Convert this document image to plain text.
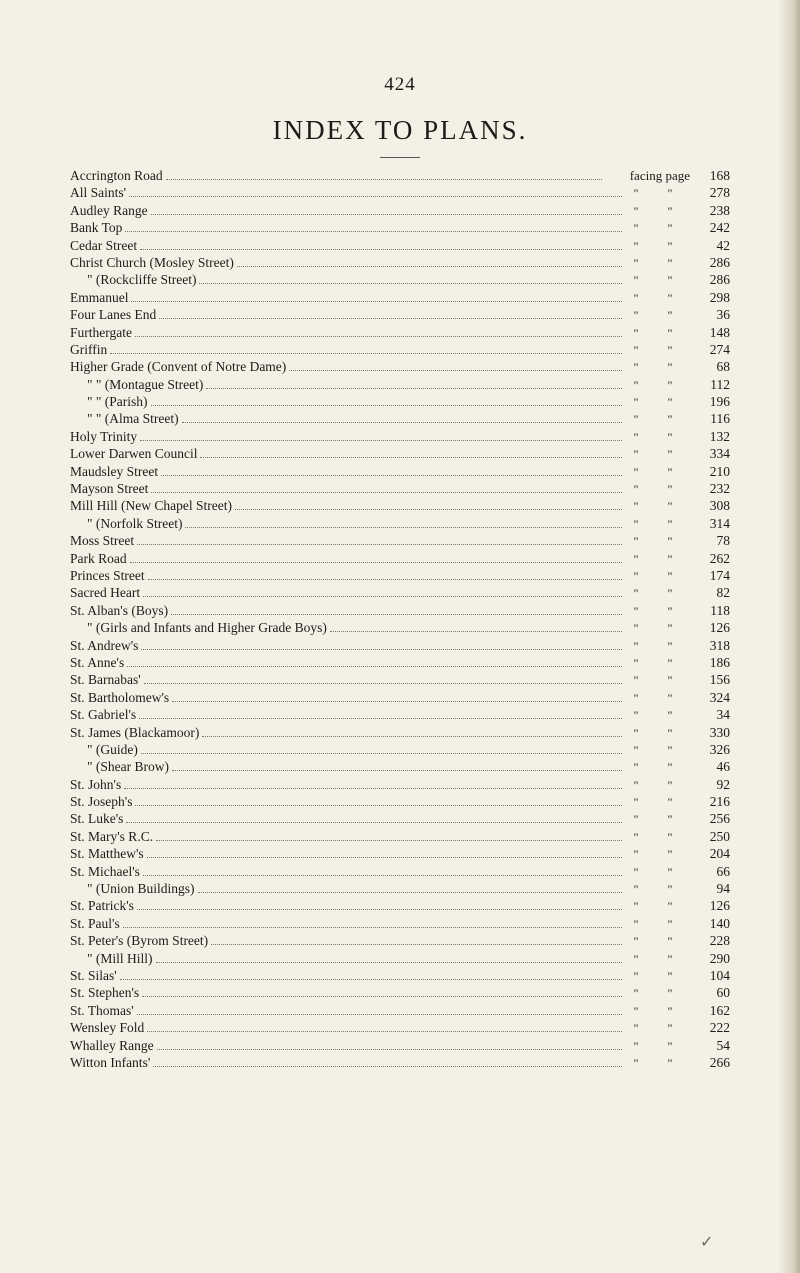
424
INDEX TO PLANS.
Accrington Road	facing page	168
All Saints'	"	"	278
Audley Range	"	"	238
Bank Top	"	"	242
Cedar Street	"	"	42
Christ Church (Mosley Street)	"	"	286
" (Rockcliffe Street)	"	"	286
Emmanuel	"	"	298
Four Lanes End	"	"	36
Furthergate	"	"	148
Griffin	"	"	274
Higher Grade (Convent of Notre Dame)	"	"	68
" " (Montague Street)	"	"	112
" " (Parish)	"	"	196
" " (Alma Street)	"	"	116
Holy Trinity	"	"	132
Lower Darwen Council	"	"	334
Maudsley Street	"	"	210
Mayson Street	"	"	232
Mill Hill (New Chapel Street)	"	"	308
" (Norfolk Street)	"	"	314
Moss Street	"	"	78
Park Road	"	"	262
Princes Street	"	"	174
Sacred Heart	"	"	82
St. Alban's (Boys)	"	"	118
" (Girls and Infants and Higher Grade Boys)	"	"	126
St. Andrew's	"	"	318
St. Anne's	"	"	186
St. Barnabas'	"	"	156
St. Bartholomew's	"	"	324
St. Gabriel's	"	"	34
St. James (Blackamoor)	"	"	330
" (Guide)	"	"	326
" (Shear Brow)	"	"	46
St. John's	"	"	92
St. Joseph's	"	"	216
St. Luke's	"	"	256
St. Mary's R.C.	"	"	250
St. Matthew's	"	"	204
St. Michael's	"	"	66
" (Union Buildings)	"	"	94
St. Patrick's	"	"	126
St. Paul's	"	"	140
St. Peter's (Byrom Street)	"	"	228
" (Mill Hill)	"	"	290
St. Silas'	"	"	104
St. Stephen's	"	"	60
St. Thomas'	"	"	162
Wensley Fold	"	"	222
Whalley Range	"	"	54
Witton Infants'	"	"	266
✓
